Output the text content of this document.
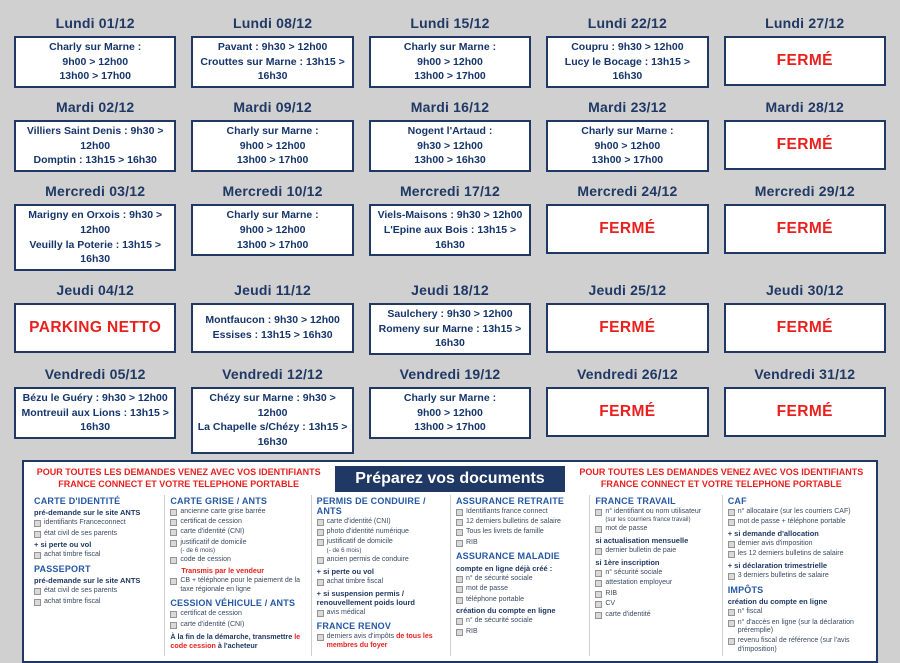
Lundi 01/12
Charly sur Marne :
9h00 > 12h00
13h00 > 17h00
Lundi 08/12
Pavant : 9h30 > 12h00
Crouttes sur Marne : 13h15 > 16h30
Lundi 15/12
Charly sur Marne :
9h00 > 12h00
13h00 > 17h00
Lundi 22/12
Coupru : 9h30 > 12h00
Lucy le Bocage : 13h15 > 16h30
Lundi 27/12
FERMÉ
Mardi 02/12
Villiers Saint Denis : 9h30 > 12h00
Domptin : 13h15 > 16h30
Mardi 09/12
Charly sur Marne :
9h00 > 12h00
13h00 > 17h00
Mardi 16/12
Nogent l'Artaud :
9h30 > 12h00
13h00 > 16h30
Mardi 23/12
Charly sur Marne :
9h00 > 12h00
13h00 > 17h00
Mardi 28/12
FERMÉ
Mercredi 03/12
Marigny en Orxois : 9h30 > 12h00
Veuilly la Poterie : 13h15 > 16h30
Mercredi 10/12
Charly sur Marne :
9h00 > 12h00
13h00 > 17h00
Mercredi 17/12
Viels-Maisons : 9h30 > 12h00
L'Epine aux Bois : 13h15 > 16h30
Mercredi 24/12
FERMÉ
Mercredi 29/12
FERMÉ
Jeudi 04/12
PARKING NETTO
Jeudi 11/12
Montfaucon : 9h30 > 12h00
Essises : 13h15 > 16h30
Jeudi 18/12
Saulchery : 9h30 > 12h00
Romeny sur Marne : 13h15 > 16h30
Jeudi 25/12
FERMÉ
Jeudi 30/12
FERMÉ
Vendredi 05/12
Bézu le Guéry : 9h30 > 12h00
Montreuil aux Lions : 13h15 > 16h30
Vendredi 12/12
Chézy sur Marne : 9h30 > 12h00
La Chapelle s/Chézy : 13h15 > 16h30
Vendredi 19/12
Charly sur Marne :
9h00 > 12h00
13h00 > 17h00
Vendredi 26/12
FERMÉ
Vendredi 31/12
FERMÉ
POUR TOUTES LES DEMANDES VENEZ AVEC VOS IDENTIFIANTS FRANCE CONNECT ET VOTRE TELEPHONE PORTABLE	Préparez vos documents	POUR TOUTES LES DEMANDES VENEZ AVEC VOS IDENTIFIANTS FRANCE CONNECT ET VOTRE TELEPHONE PORTABLE
CARTE D'IDENTITÉ
pré-demande sur le site ANTS
identifiants Franceconnect
état civil de ses parents
+ si perte ou vol
achat timbre fiscal
PASSEPORT
pré-demande sur le site ANTS
état civil de ses parents
achat timbre fiscal
CARTE GRISE / ANTS
ancienne carte grise barrée
certificat de cession
carte d'identité (CNI)
justificatif de domicile
(- de 6 mois)
code de cession
Transmis par le vendeur
CB + téléphone pour le paiement de la taxe régionale en ligne
CESSION VÉHICULE / ANTS
certificat de cession
carte d'identité (CNI)
À la fin de la démarche, transmettre le code cession à l'acheteur
PERMIS DE CONDUIRE / ANTS
carte d'identité (CNI)
photo d'identité numérique
justificatif de domicile
(- de 6 mois)
ancien permis de conduire
+ si perte ou vol
achat timbre fiscal
+ si suspension permis / renouvellement poids lourd
avis médical
FRANCE RENOV
derniers avis d'impôts de tous les membres du foyer
ASSURANCE RETRAITE
Identifiants france connect
12 derniers bulletins de salaire
Tous les livrets de famille
RIB
ASSURANCE MALADIE
compte en ligne déjà créé :
n° de sécurité sociale
mot de passe
téléphone portable
création du compte en ligne
n° de sécurité sociale
RIB
FRANCE TRAVAIL
n° identifiant ou nom utilisateur
(sur les courriers france travail)
mot de passe
si actualisation mensuelle
dernier bulletin de paie
si 1ère inscription
n° sécurité sociale
attestation employeur
RIB
CV
carte d'identité
CAF
n° allocataire (sur les courriers CAF)
mot de passe + téléphone portable
+ si demande d'allocation
dernier avis d'imposition
les 12 derniers bulletins de salaire
+ si déclaration trimestrielle
3 derniers bulletins de salaire
IMPÔTS
création du compte en ligne
n° fiscal
n° d'accès en ligne (sur la déclaration préremplie)
revenu fiscal de référence (sur l'avis d'imposition)
